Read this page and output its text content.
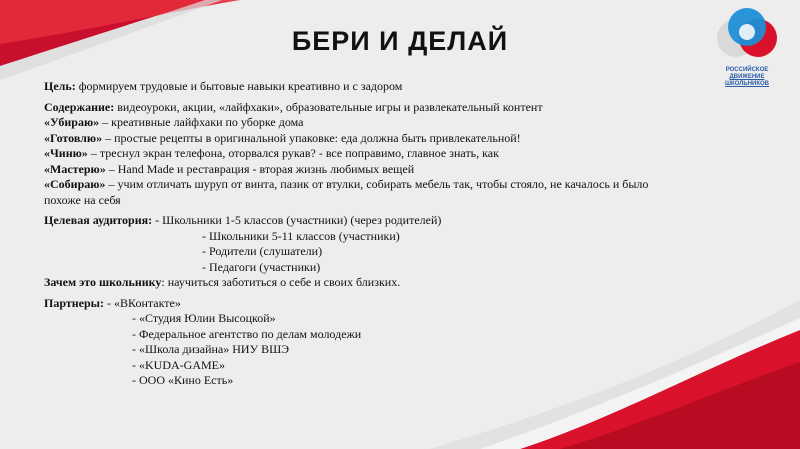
РОССИЙСКОЕ
ДВИЖЕНИЕ ШКОЛЬНИКОВ
БЕРИ И ДЕЛАЙ
Цель: формируем трудовые и бытовые навыки креативно и с задором
Содержание: видеоуроки, акции, «лайфхаки», образовательные игры и развлекательный контент
«Убираю» – креативные лайфхаки по уборке дома
«Готовлю» – простые рецепты в оригинальной упаковке: еда должна быть привлекательной!
«Чиню» – треснул экран телефона, оторвался рукав? - все поправимо, главное знать, как
«Мастерю» – Hand Made и реставрация - вторая жизнь любимых вещей
«Собираю» – учим отличать шуруп от винта, пазик от втулки, собирать мебель так, чтобы стояло, не качалось и было
похоже на себя
Целевая аудитория: - Школьники 1-5 классов (участники) (через родителей)
- Школьники 5-11 классов (участники)
- Родители (слушатели)
- Педагоги (участники)
Зачем это школьнику: научиться заботиться о себе и своих близких.
Партнеры: - «ВКонтакте»
- «Студия Юлии Высоцкой»
- Федеральное агентство по делам молодежи
- «Школа дизайна» НИУ ВШЭ
- «KUDA-GAME»
- ООО «Кино Есть»
